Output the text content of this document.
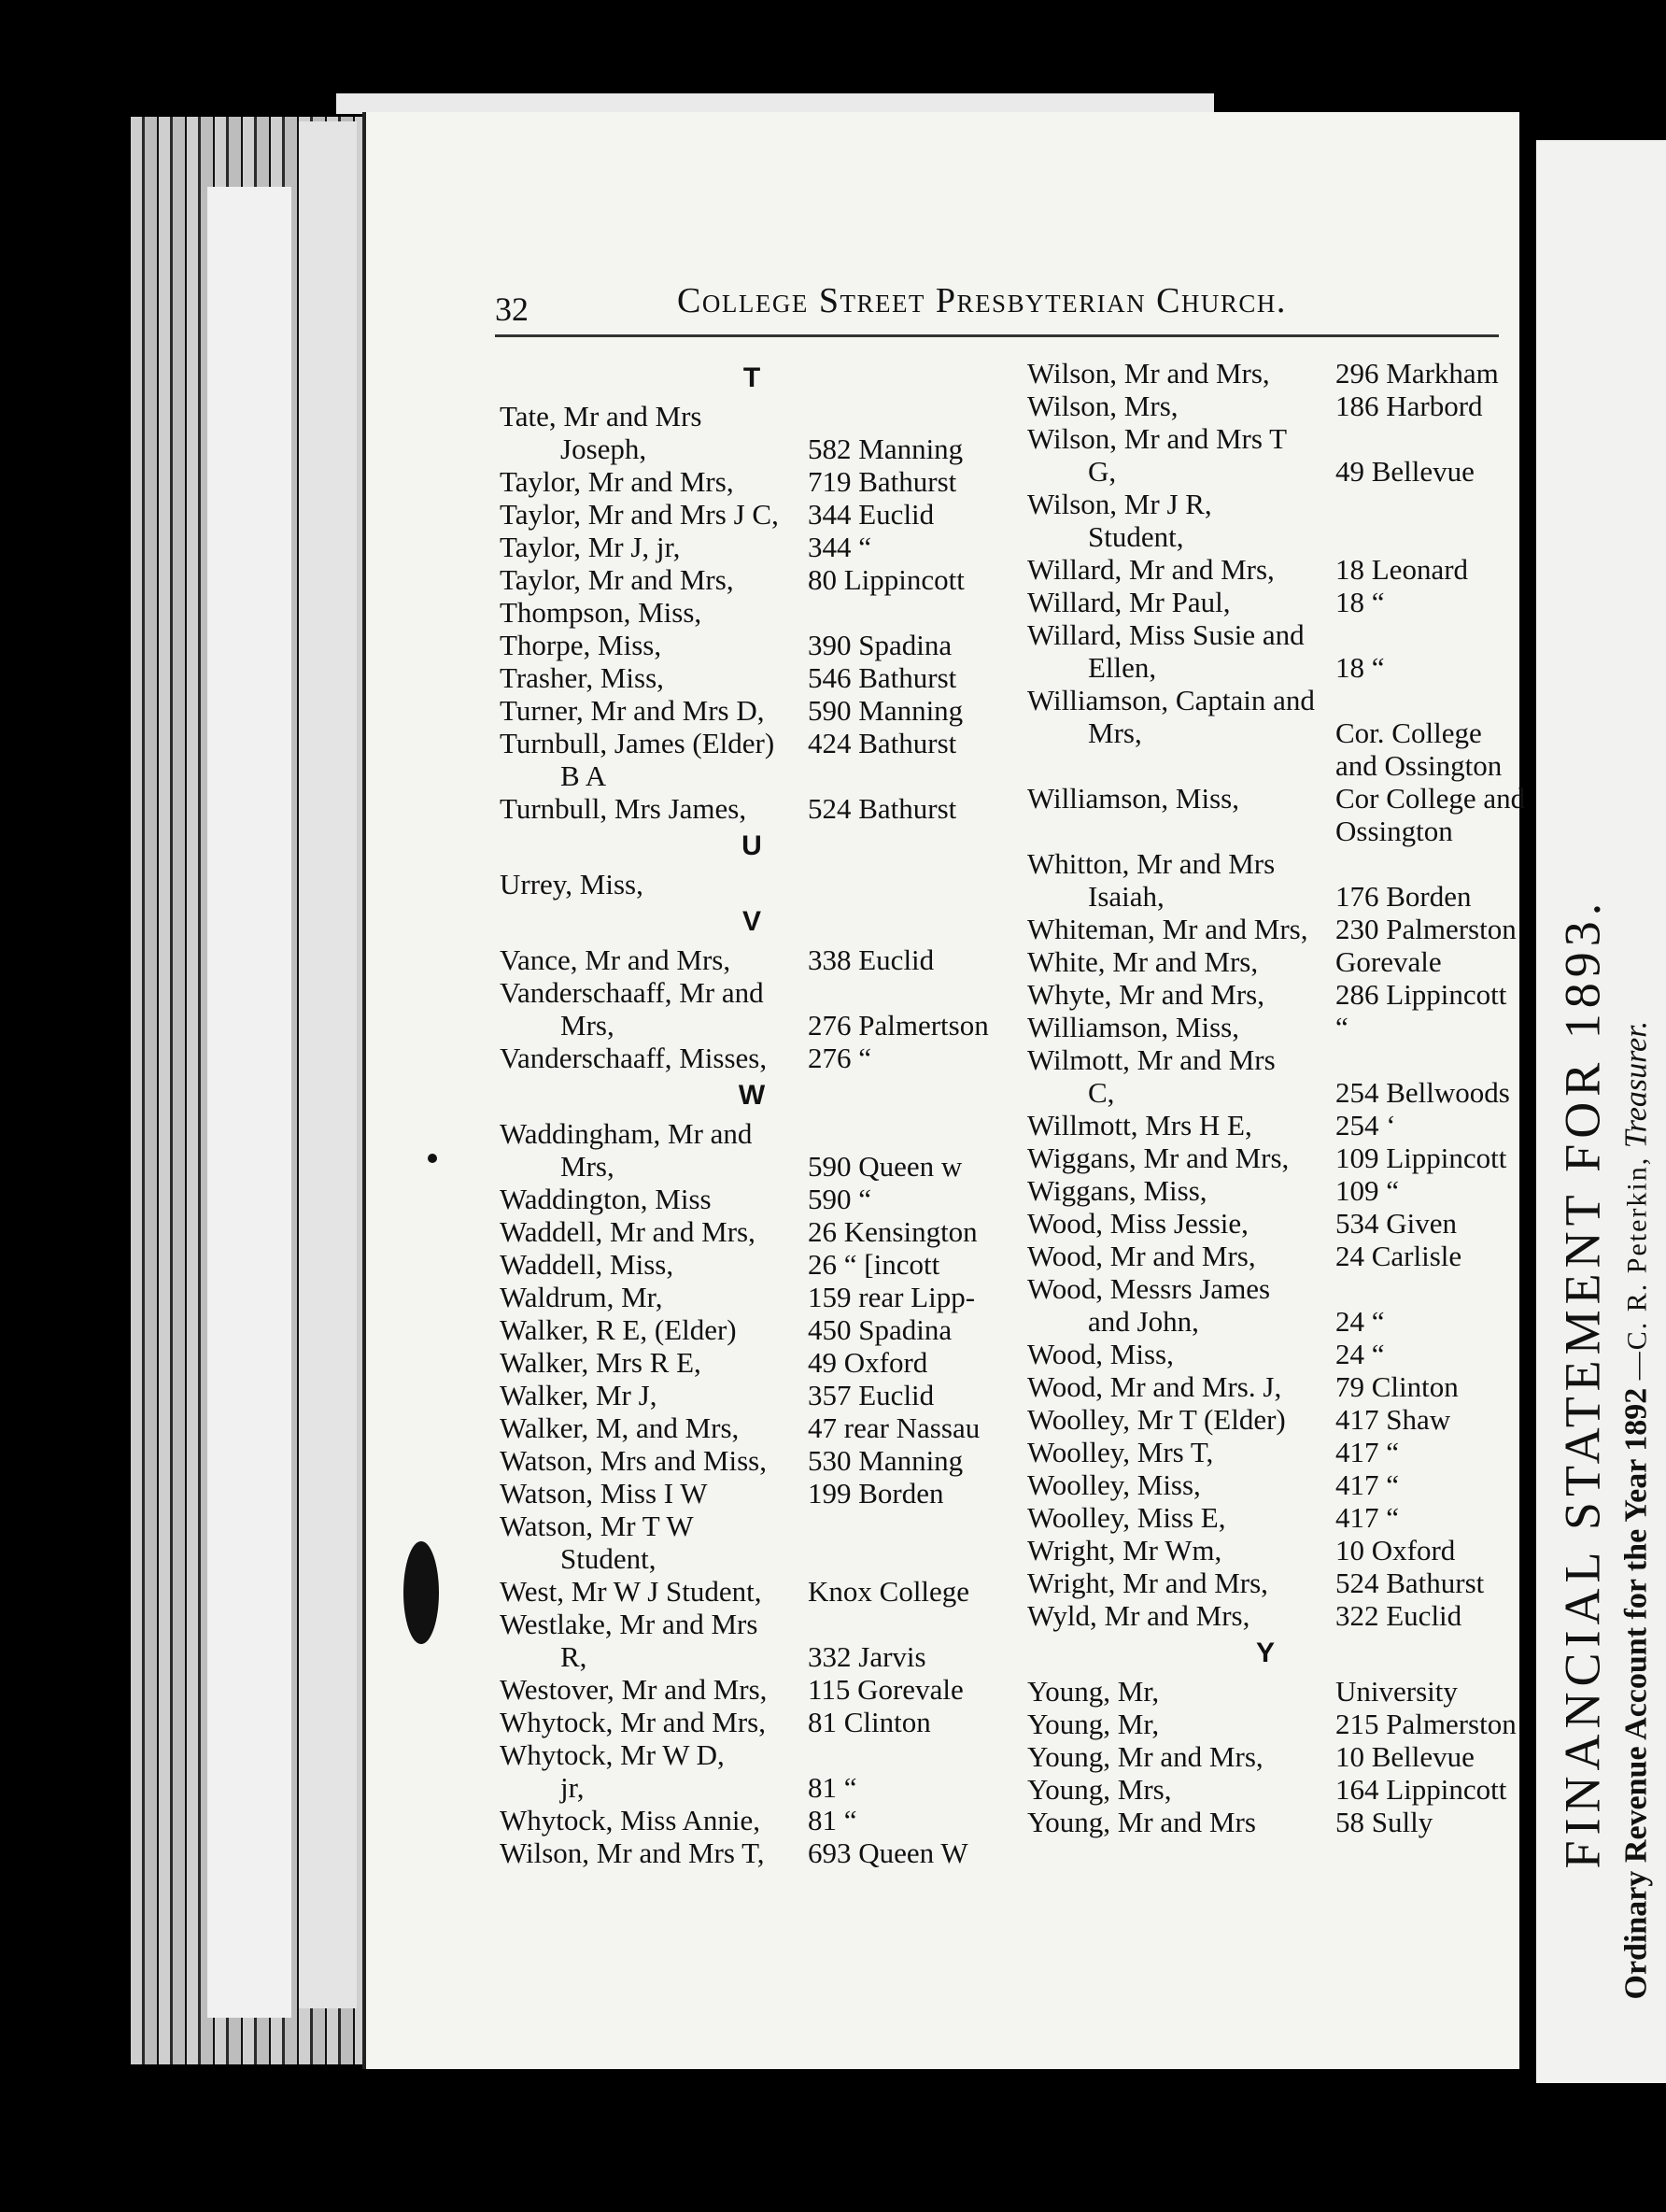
32	College Street Presbyterian Church.
T
Tate, Mr and Mrs
Joseph,	582 Manning
Taylor, Mr and Mrs,	719 Bathurst
Taylor, Mr and Mrs J C, 344 Euclid
Taylor, Mr J, jr,	344 “
Taylor, Mr and Mrs,	80 Lippincott
Thompson, Miss,
Thorpe, Miss,	390 Spadina
Trasher, Miss,	546 Bathurst
Turner, Mr and Mrs D, 590 Manning
Turnbull, James (Elder) 424 Bathurst
B A
Turnbull, Mrs James, 524 Bathurst
U
Urrey, Miss,
V
Vance, Mr and Mrs,	338 Euclid
Vanderschaaff, Mr and
Mrs,	276 Palmertson
Vanderschaaff, Misses, 276 “
W
Waddingham, Mr and
Mrs,	590 Queen w
Waddington, Miss	590 “
Waddell, Mr and Mrs, 26 Kensington
Waddell, Miss,	26 “ [incott
Waldrum, Mr,	159 rear Lipp-
Walker, R E, (Elder) 450 Spadina
Walker, Mrs R E,	49 Oxford
Walker, Mr J,	357 Euclid
Walker, M, and Mrs, 47 rear Nassau
Watson, Mrs and Miss, 530 Manning
Watson, Miss I W	199 Borden
Watson, Mr T W
Student,
West, Mr W J Student, Knox College
Westlake, Mr and Mrs
R,	332 Jarvis
Westover, Mr and Mrs, 115 Gorevale
Whytock, Mr and Mrs, 81 Clinton
Whytock, Mr W D,
jr,	81 “
Whytock, Miss Annie, 81 “
Wilson, Mr and Mrs T, 693 Queen W
Wilson, Mr and Mrs, 296 Markham
Wilson, Mrs,	186 Harbord
Wilson, Mr and Mrs T
G,	49 Bellevue
Wilson, Mr J R,
Student,
Willard, Mr and Mrs, 18 Leonard
Willard, Mr Paul,	18 “
Willard, Miss Susie and
Ellen,	18 “
Williamson, Captain and
Mrs,	Cor. College
and Ossington
Williamson, Miss,	Cor College and
Ossington
Whitton, Mr and Mrs
Isaiah,	176 Borden
Whiteman, Mr and Mrs, 230 Palmerston
White, Mr and Mrs,	Gorevale
Whyte, Mr and Mrs, 286 Lippincott
Williamson, Miss,	“
Wilmott, Mr and Mrs
C,	254 Bellwoods
Willmott, Mrs H E,	254 ‘
Wiggans, Mr and Mrs, 109 Lippincott
Wiggans, Miss,	109 “
Wood, Miss Jessie,	534 Given
Wood, Mr and Mrs,	24 Carlisle
Wood, Messrs James
and John,	24 “
Wood, Miss,	24 “
Wood, Mr and Mrs. J, 79 Clinton
Woolley, Mr T (Elder) 417 Shaw
Woolley, Mrs T,	417 “
Woolley, Miss,	417 “
Woolley, Miss E,	417 “
Wright, Mr Wm,	10 Oxford
Wright, Mr and Mrs, 524 Bathurst
Wyld, Mr and Mrs,	322 Euclid
Y
Young, Mr,	University
Young, Mr,	215 Palmerston
Young, Mr and Mrs, 10 Bellevue
Young, Mrs,	164 Lippincott
Young, Mr and Mrs	58 Sully FINANCIAL STATEMENT FOR 1893. Ordinary Revenue Account for the Year 1892 —C. R. Peterkin, Treasurer.
